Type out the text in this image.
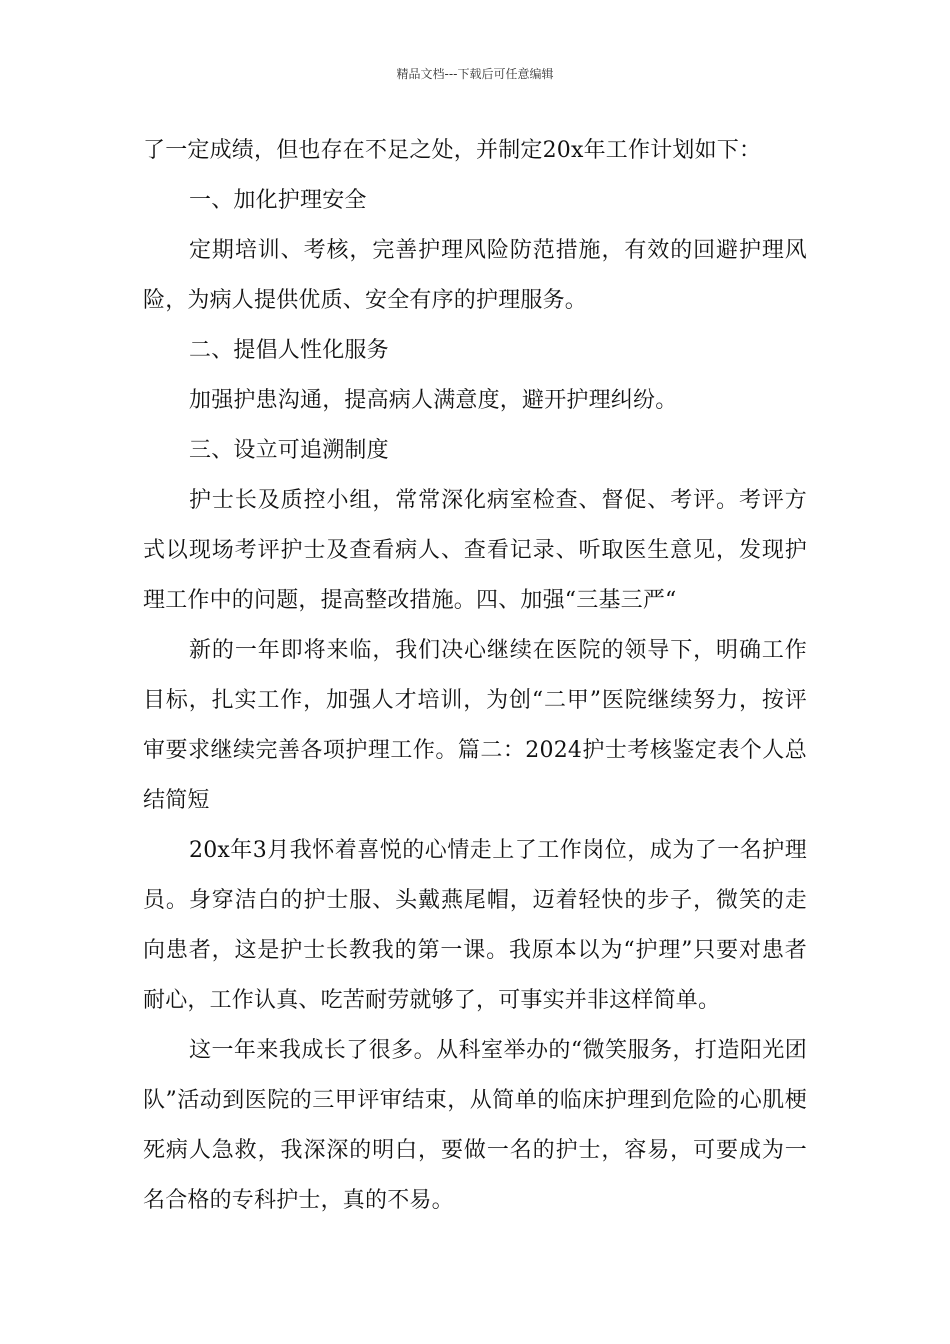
精品文档---下载后可任意编辑

了一定成绩，但也存在不足之处，并制定20x年工作计划如下：

一、加化护理安全

定期培训、考核，完善护理风险防范措施，有效的回避护理风险，为病人提供优质、安全有序的护理服务。

二、提倡人性化服务

加强护患沟通，提高病人满意度，避开护理纠纷。

三、设立可追溯制度

护士长及质控小组，常常深化病室检查、督促、考评。考评方式以现场考评护士及查看病人、查看记录、听取医生意见，发现护理工作中的问题，提高整改措施。四、加强“三基三严“

新的一年即将来临，我们决心继续在医院的领导下，明确工作目标，扎实工作，加强人才培训，为创“二甲”医院继续努力，按评审要求继续完善各项护理工作。篇二：2024护士考核鉴定表个人总结简短

20x年3月我怀着喜悦的心情走上了工作岗位，成为了一名护理员。身穿洁白的护士服、头戴燕尾帽，迈着轻快的步子，微笑的走向患者，这是护士长教我的第一课。我原本以为“护理”只要对患者耐心，工作认真、吃苦耐劳就够了，可事实并非这样简单。

这一年来我成长了很多。从科室举办的“微笑服务，打造阳光团队”活动到医院的三甲评审结束，从简单的临床护理到危险的心肌梗死病人急救，我深深的明白，要做一名的护士，容易，可要成为一名合格的专科护士，真的不易。
